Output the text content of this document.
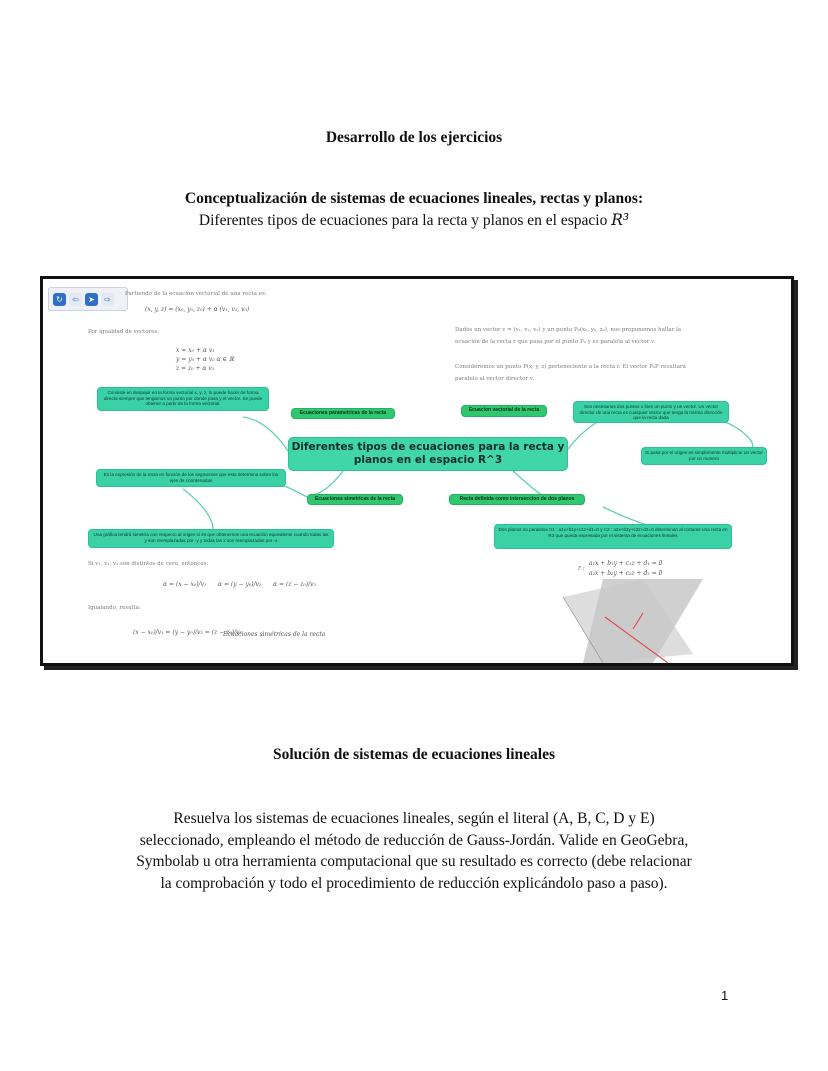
Desarrollo de los ejercicios
Conceptualización de sistemas de ecuaciones lineales, rectas y planos:
Diferentes tipos de ecuaciones para la recta y planos en el espacio R³
↻	⇦	➤	⇨
Partiendo de la ecuación vectorial de una recta es:
(x, y, z) = (x₀, y₀, z₀) + α (v₁, v₂, v₃)
Por igualdad de vectores:
x = x₀ + α v₁
y = y₀ + α v₂ α ∈ ℝ
z = z₀ + α v₃
Dados un vector v = (v₁, v₂, v₃) y un punto P₀(x₀, y₀, z₀), nos proponemos hallar la
ecuación de la recta r que pasa por el punto P₀ y es paralela al vector v.
Consideremos un punto P(x, y, z) perteneciente a la recta r. El vector P₀P resultará
paralelo al vector director v.
Si v₁, v₂, v₃ son distintos de cero, entonces:
α = (x − x₀)/v₁ α = (y − y₀)/v₂ α = (z − z₀)/v₃
Igualando, resulta:
(x − x₀)/v₁ = (y − y₀)/v₂ = (z − z₀)/v₃
Ecuaciones simétricas de la recta
r :
a₁x + b₁y + c₁z + d₁ = 0
a₂x + b₂y + c₂z + d₂ = 0
Diferentes tipos de ecuaciones para la recta y planos en el espacio R^3
Ecuaciones parametricas de la recta	Ecuacion vectorial de la recta
Ecuaciones simetricas de la recta	Recta definida como interseccion de dos planos
Consiste en despejar en la forma vectorial x, y, z, lo puede hacer de forma directa siempre que tengamos un punto por donde pasa y el vector. Se puede obtener a partir de la forma vectorial.
Son necesarios dos puntos o bien un punto y un vector. Un vector director de una recta es cualquier vector que tenga la misma dirección que la recta dada
Si pasa por el origen es simplemente multiplicar un vector por un numero
Es la expresión de la recta en función de los segmentos que esta determina sobre los ejes de coordenadas
Una gráfica tendrá simetría con respecto al origen si es que obtenemos una ecuación equivalente cuando todas las y son reemplazadas por -y y todas las x son reemplazadas por -x
Dos planos no paralelos π1 : a1x+b1y+c1z+d1=0 y π2 : a2x+b2y+c2z+d2=0 determinan al cortarse una recta en R3 que queda expresada por el sistema de ecuaciones lineales
Solución de sistemas de ecuaciones lineales
Resuelva los sistemas de ecuaciones lineales, según el literal (A, B, C, D y E)
seleccionado, empleando el método de reducción de Gauss-Jordán. Valide en GeoGebra,
Symbolab u otra herramienta computacional que su resultado es correcto (debe relacionar
la comprobación y todo el procedimiento de reducción explicándolo paso a paso).
1
